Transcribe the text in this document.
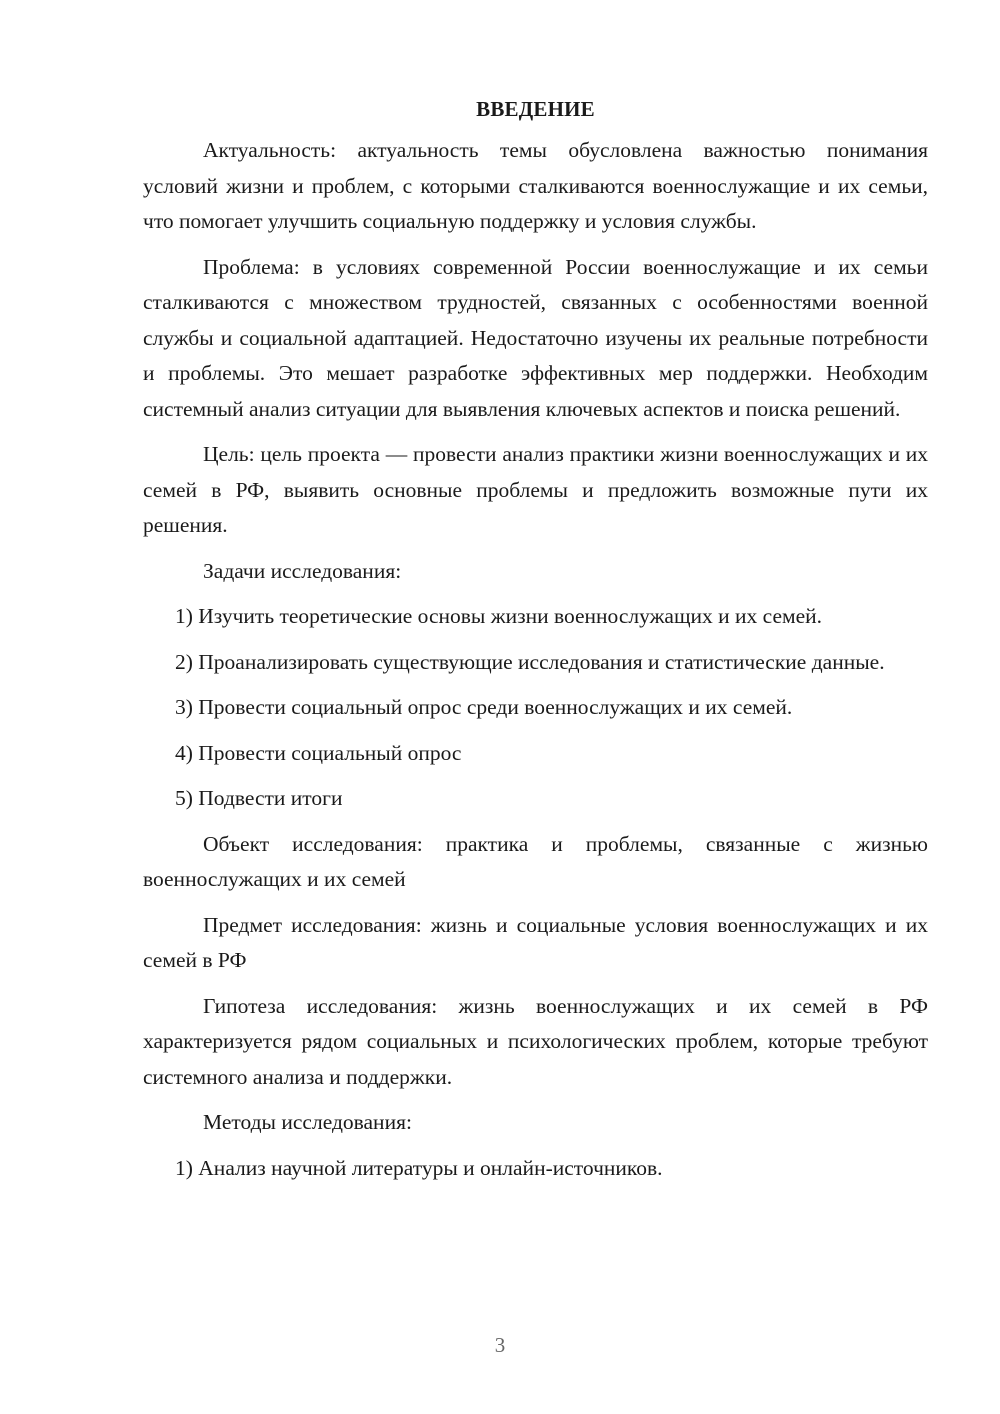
ВВЕДЕНИЕ

Актуальность: актуальность темы обусловлена важностью понимания условий жизни и проблем, с которыми сталкиваются военнослужащие и их семьи, что помогает улучшить социальную поддержку и условия службы.

Проблема: в условиях современной России военнослужащие и их семьи сталкиваются с множеством трудностей, связанных с особенностями военной службы и социальной адаптацией. Недостаточно изучены их реальные потребности и проблемы. Это мешает разработке эффективных мер поддержки. Необходим системный анализ ситуации для выявления ключевых аспектов и поиска решений.

Цель: цель проекта — провести анализ практики жизни военнослужащих и их семей в РФ, выявить основные проблемы и предложить возможные пути их решения.

Задачи исследования:

1) Изучить теоретические основы жизни военнослужащих и их семей.

2) Проанализировать существующие исследования и статистические данные.

3) Провести социальный опрос среди военнослужащих и их семей.

4) Провести социальный опрос

5) Подвести итоги

Объект исследования: практика и проблемы, связанные с жизнью военнослужащих и их семей

Предмет исследования: жизнь и социальные условия военнослужащих и их семей в РФ

Гипотеза исследования: жизнь военнослужащих и их семей в РФ характеризуется рядом социальных и психологических проблем, которые требуют системного анализа и поддержки.

Методы исследования:

1) Анализ научной литературы и онлайн-источников.

3
